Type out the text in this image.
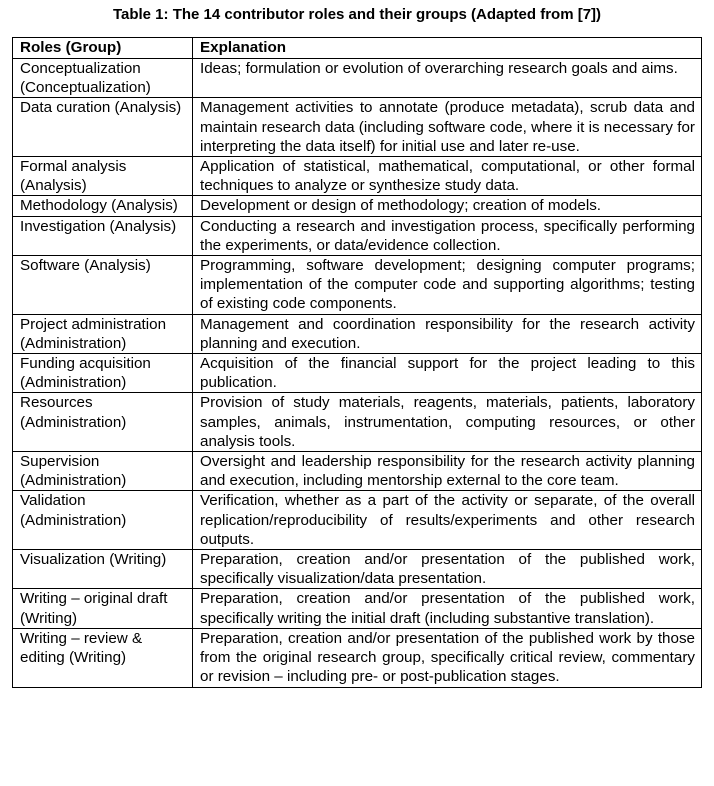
Table 1: The 14 contributor roles and their groups (Adapted from [7])
Roles (Group)	Explanation
Conceptualization (Conceptualization)	Ideas; formulation or evolution of overarching research goals and aims.
Data curation (Analysis)	Management activities to annotate (produce metadata), scrub data and maintain research data (including software code, where it is necessary for interpreting the data itself) for initial use and later re-use.
Formal analysis (Analysis)	Application of statistical, mathematical, computational, or other formal techniques to analyze or synthesize study data.
Methodology (Analysis)	Development or design of methodology; creation of models.
Investigation (Analysis)	Conducting a research and investigation process, specifically performing the experiments, or data/evidence collection.
Software (Analysis)	Programming, software development; designing computer programs; implementation of the computer code and supporting algorithms; testing of existing code components.
Project administration (Administration)	Management and coordination responsibility for the research activity planning and execution.
Funding acquisition (Administration)	Acquisition of the financial support for the project leading to this publication.
Resources (Administration)	Provision of study materials, reagents, materials, patients, laboratory samples, animals, instrumentation, computing resources, or other analysis tools.
Supervision (Administration)	Oversight and leadership responsibility for the research activity planning and execution, including mentorship external to the core team.
Validation (Administration)	Verification, whether as a part of the activity or separate, of the overall replication/reproducibility of results/experiments and other research outputs.
Visualization (Writing)	Preparation, creation and/or presentation of the published work, specifically visualization/data presentation.
Writing – original draft (Writing)	Preparation, creation and/or presentation of the published work, specifically writing the initial draft (including substantive translation).
Writing – review & editing (Writing)	Preparation, creation and/or presentation of the published work by those from the original research group, specifically critical review, commentary or revision – including pre- or post-publication stages.
